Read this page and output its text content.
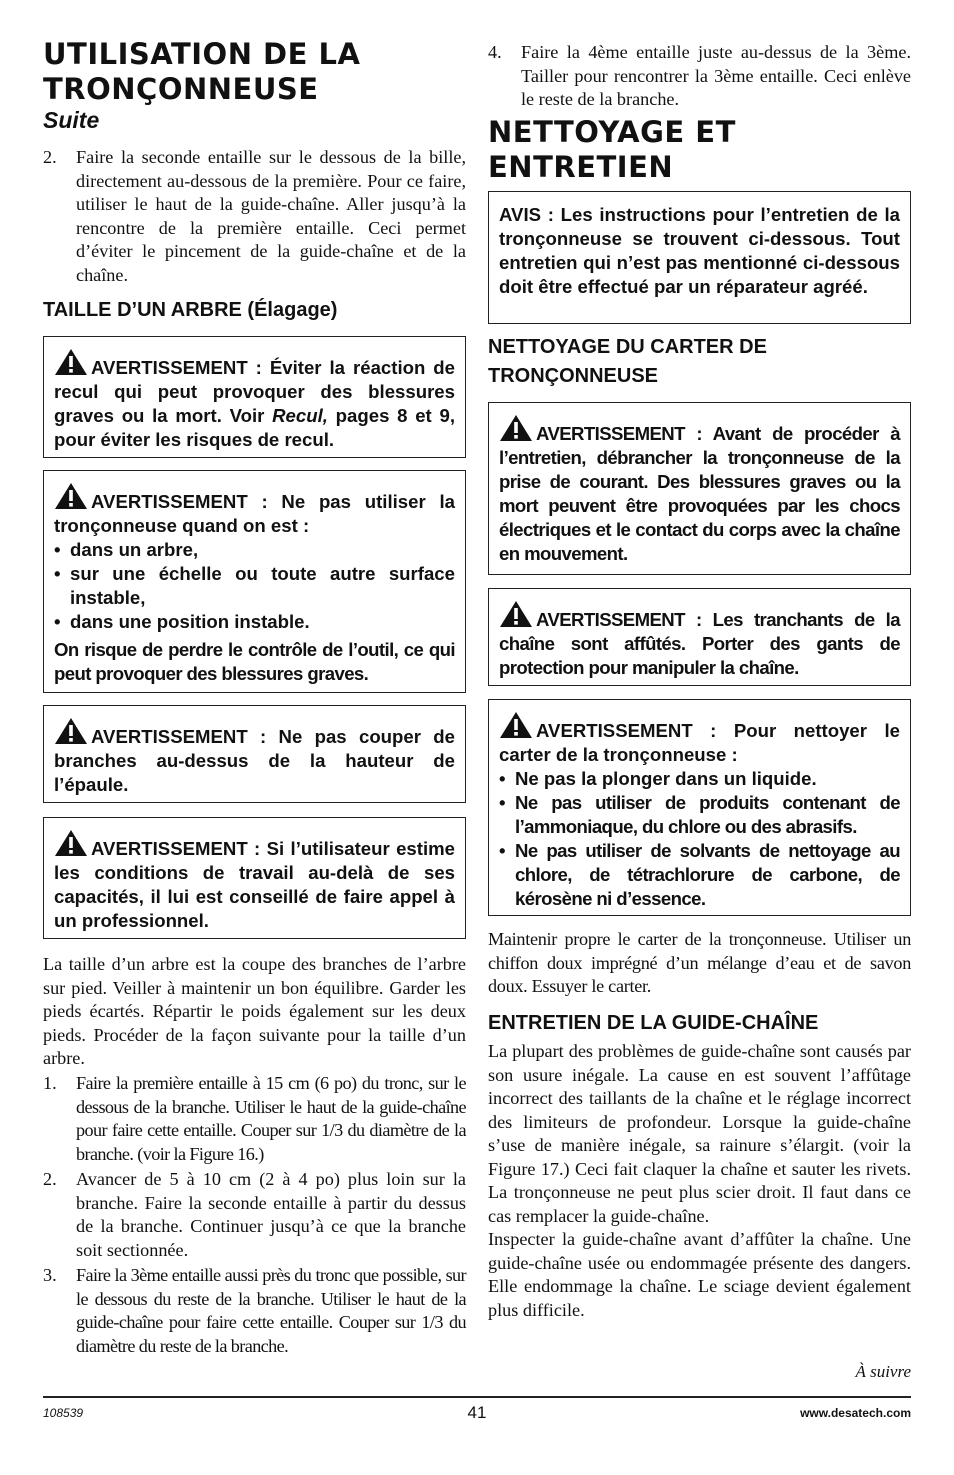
UTILISATION DE LA
TRONÇONNEUSE
Suite
2.	Faire la seconde entaille sur le dessous de la bille, directement au-dessous de la première. Pour ce faire, utiliser le haut de la guide-chaîne. Aller jusqu’à la rencontre de la première entaille. Ceci permet d’éviter le pincement de la guide-chaîne et de la chaîne.
TAILLE D’UN ARBRE (Élagage)
AVERTISSEMENT : Éviter la réaction de recul qui peut provoquer des blessures graves ou la mort. Voir Recul, pages 8 et 9, pour éviter les risques de recul.
AVERTISSEMENT : Ne pas utiliser la tronçonneuse quand on est :
• dans un arbre,
• sur une échelle ou toute autre surface instable,
• dans une position instable.
On risque de perdre le contrôle de l’outil, ce qui peut provoquer des blessures graves.
AVERTISSEMENT : Ne pas couper de branches au-dessus de la hauteur de l’épaule.
AVERTISSEMENT : Si l’utilisateur estime les conditions de travail au-delà de ses capacités, il lui est conseillé de faire appel à un professionnel.
La taille d’un arbre est la coupe des branches de l’arbre sur pied. Veiller à maintenir un bon équilibre. Garder les pieds écartés. Répartir le poids également sur les deux pieds. Procéder de la façon suivante pour la taille d’un arbre.
1.	Faire la première entaille à 15 cm (6 po) du tronc, sur le dessous de la branche. Utiliser le haut de la guide-chaîne pour faire cette entaille. Couper sur 1/3 du diamètre de la branche. (voir la Figure 16.)
2.	Avancer de 5 à 10 cm (2 à 4 po) plus loin sur la branche. Faire la seconde entaille à partir du dessus de la branche. Continuer jusqu’à ce que la branche soit sectionnée.
3.	Faire la 3ème entaille aussi près du tronc que possible, sur le dessous du reste de la branche. Utiliser le haut de la guide-chaîne pour faire cette entaille. Couper sur 1/3 du diamètre du reste de la branche.
4.	Faire la 4ème entaille juste au-dessus de la 3ème. Tailler pour rencontrer la 3ème entaille. Ceci enlève le reste de la branche.
NETTOYAGE ET
ENTRETIEN
AVIS : Les instructions pour l’entretien de la tronçonneuse se trouvent ci-dessous. Tout entretien qui n’est pas mentionné ci-dessous doit être effectué par un réparateur agréé.
NETTOYAGE DU CARTER DE
TRONÇONNEUSE
AVERTISSEMENT : Avant de procéder à l’entretien, débrancher la tronçonneuse de la prise de courant. Des blessures graves ou la mort peuvent être provoquées par les chocs électriques et le contact du corps avec la chaîne en mouvement.
AVERTISSEMENT : Les tranchants de la chaîne sont affûtés. Porter des gants de protection pour manipuler la chaîne.
AVERTISSEMENT : Pour nettoyer le carter de la tronçonneuse :
• Ne pas la plonger dans un liquide.
• Ne pas utiliser de produits contenant de l’ammoniaque, du chlore ou des abrasifs.
• Ne pas utiliser de solvants de nettoyage au chlore, de tétrachlorure de carbone, de kérosène ni d’essence.
Maintenir propre le carter de la tronçonneuse. Utiliser un chiffon doux imprégné d’un mélange d’eau et de savon doux. Essuyer le carter.
ENTRETIEN DE LA GUIDE-CHAÎNE
La plupart des problèmes de guide-chaîne sont causés par son usure inégale. La cause en est souvent l’affûtage incorrect des taillants de la chaîne et le réglage incorrect des limiteurs de profondeur. Lorsque la guide-chaîne s’use de manière inégale, sa rainure s’élargit. (voir la Figure 17.) Ceci fait claquer la chaîne et sauter les rivets. La tronçonneuse ne peut plus scier droit. Il faut dans ce cas remplacer la guide-chaîne.
Inspecter la guide-chaîne avant d’affûter la chaîne. Une guide-chaîne usée ou endommagée présente des dangers. Elle endommage la chaîne. Le sciage devient également plus difficile.
À suivre
108539	41	www.desatech.com
